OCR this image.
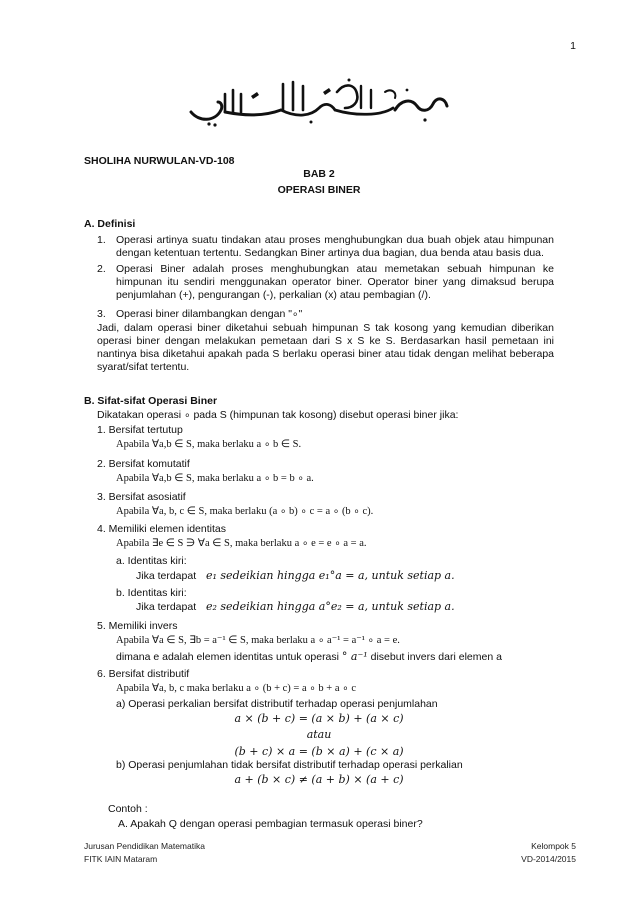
1
SHOLIHA NURWULAN-VD-108
BAB 2
OPERASI BINER
A. Definisi
1. Operasi artinya suatu tindakan atau proses menghubungkan dua buah objek atau himpunan dengan ketentuan tertentu. Sedangkan Biner artinya dua bagian, dua benda atau basis dua.
2. Operasi Biner adalah proses menghubungkan atau memetakan sebuah himpunan ke himpunan itu sendiri menggunakan operator biner. Operator biner yang dimaksud berupa penjumlahan (+), pengurangan (-), perkalian (x) atau pembagian (/).
3. Operasi biner dilambangkan dengan "∘"
Jadi, dalam operasi biner diketahui sebuah himpunan S tak kosong yang kemudian diberikan operasi biner dengan melakukan pemetaan dari S x S ke S. Berdasarkan hasil pemetaan ini nantinya bisa diketahui apakah pada S berlaku operasi biner atau tidak dengan melihat beberapa syarat/sifat tertentu.
B. Sifat-sifat Operasi Biner
Dikatakan operasi ∘ pada S (himpunan tak kosong) disebut operasi biner jika:
1. Bersifat tertutup
Apabila ∀a,b ∈ S, maka berlaku a ∘ b ∈ S.
2. Bersifat komutatif
Apabila ∀a,b ∈ S, maka berlaku a ∘ b = b ∘ a.
3. Bersifat asosiatif
Apabila ∀a, b, c ∈ S, maka berlaku (a ∘ b) ∘ c = a ∘ (b ∘ c).
4. Memiliki elemen identitas
Apabila ∃e ∈ S ∋ ∀a ∈ S, maka berlaku a ∘ e = e ∘ a = a.
a. Identitas kiri:
Jika terdapat e₁ sedeikian hingga e₁°a = a, untuk setiap a.
b. Identitas kiri:
Jika terdapat e₂ sedeikian hingga a°e₂ = a, untuk setiap a.
5. Memiliki invers
Apabila ∀a ∈ S, ∃b = a⁻¹ ∈ S, maka berlaku a ∘ a⁻¹ = a⁻¹ ∘ a = e.
dimana e adalah elemen identitas untuk operasi ° a⁻¹ disebut invers dari elemen a
6. Bersifat distributif
Apabila ∀a, b, c maka berlaku a ∘ (b + c) = a ∘ b + a ∘ c
a) Operasi perkalian bersifat distributif terhadap operasi penjumlahan
a × (b + c) = (a × b) + (a × c)
atau
(b + c) × a = (b × a) + (c × a)
b) Operasi penjumlahan tidak bersifat distributif terhadap operasi perkalian
a + (b × c) ≠ (a + b) × (a + c)
Contoh :
A. Apakah Q dengan operasi pembagian termasuk operasi biner?
Jurusan Pendidikan Matematika
FITK IAIN Mataram
Kelompok 5
VD-2014/2015
